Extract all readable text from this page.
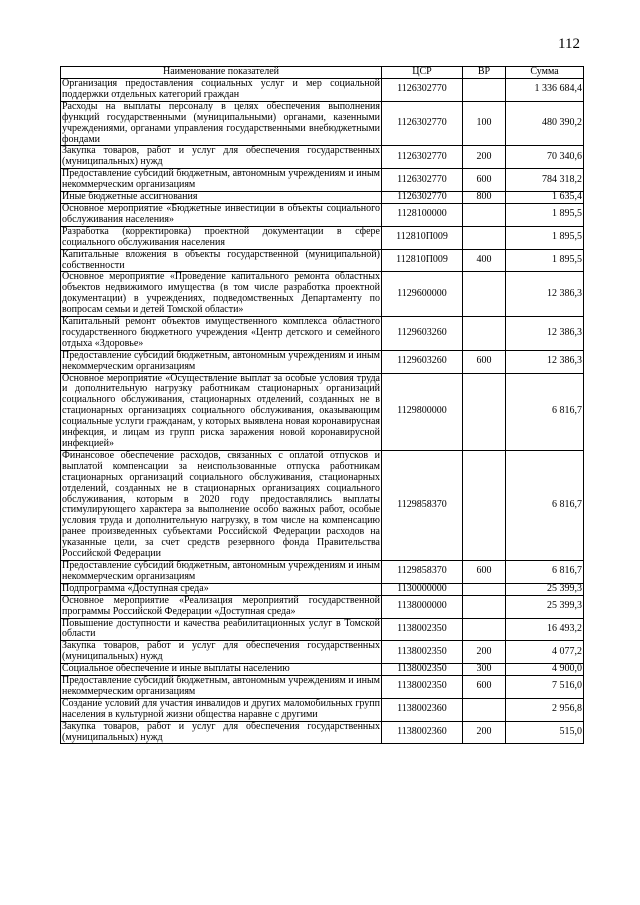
112
Наименование показателей	ЦСР	ВР	Сумма
Организация предоставления социальных услуг и мер социальной поддержки отдельных категорий граждан	1126302770		1 336 684,4
Расходы на выплаты персоналу в целях обеспечения выполнения функций государственными (муниципальными) органами, казенными учреждениями, органами управления государственными внебюджетными фондами	1126302770	100	480 390,2
Закупка товаров, работ и услуг для обеспечения государственных (муниципальных) нужд	1126302770	200	70 340,6
Предоставление субсидий бюджетным, автономным учреждениям и иным некоммерческим организациям	1126302770	600	784 318,2
Иные бюджетные ассигнования	1126302770	800	1 635,4
Основное мероприятие «Бюджетные инвестиции в объекты социального обслуживания населения»	1128100000		1 895,5
Разработка (корректировка) проектной документации в сфере социального обслуживания населения	112810П009		1 895,5
Капитальные вложения в объекты государственной (муниципальной) собственности	112810П009	400	1 895,5
Основное мероприятие «Проведение капитального ремонта областных объектов недвижимого имущества (в том числе разработка проектной документации) в учреждениях, подведомственных Департаменту по вопросам семьи и детей Томской области»	1129600000		12 386,3
Капитальный ремонт объектов имущественного комплекса областного государственного бюджетного учреждения «Центр детского и семейного отдыха «Здоровье»	1129603260		12 386,3
Предоставление субсидий бюджетным, автономным учреждениям и иным некоммерческим организациям	1129603260	600	12 386,3
Основное мероприятие «Осуществление выплат за особые условия труда и дополнительную нагрузку работникам стационарных организаций социального обслуживания, стационарных отделений, созданных не в стационарных организациях социального обслуживания, оказывающим социальные услуги гражданам, у которых выявлена новая коронавирусная инфекция, и лицам из групп риска заражения новой коронавирусной инфекцией»	1129800000		6 816,7
Финансовое обеспечение расходов, связанных с оплатой отпусков и выплатой компенсации за неиспользованные отпуска работникам стационарных организаций социального обслуживания, стационарных отделений, созданных не в стационарных организациях социального обслуживания, которым в 2020 году предоставлялись выплаты стимулирующего характера за выполнение особо важных работ, особые условия труда и дополнительную нагрузку, в том числе на компенсацию ранее произведенных субъектами Российской Федерации расходов на указанные цели, за счет средств резервного фонда Правительства Российской Федерации	1129858370		6 816,7
Предоставление субсидий бюджетным, автономным учреждениям и иным некоммерческим организациям	1129858370	600	6 816,7
Подпрограмма «Доступная среда»	1130000000		25 399,3
Основное мероприятие «Реализация мероприятий государственной программы Российской Федерации «Доступная среда»	1138000000		25 399,3
Повышение доступности и качества реабилитационных услуг в Томской области	1138002350		16 493,2
Закупка товаров, работ и услуг для обеспечения государственных (муниципальных) нужд	1138002350	200	4 077,2
Социальное обеспечение и иные выплаты населению	1138002350	300	4 900,0
Предоставление субсидий бюджетным, автономным учреждениям и иным некоммерческим организациям	1138002350	600	7 516,0
Создание условий для участия инвалидов и других маломобильных групп населения в культурной жизни общества наравне с другими	1138002360		2 956,8
Закупка товаров, работ и услуг для обеспечения государственных (муниципальных) нужд	1138002360	200	515,0
